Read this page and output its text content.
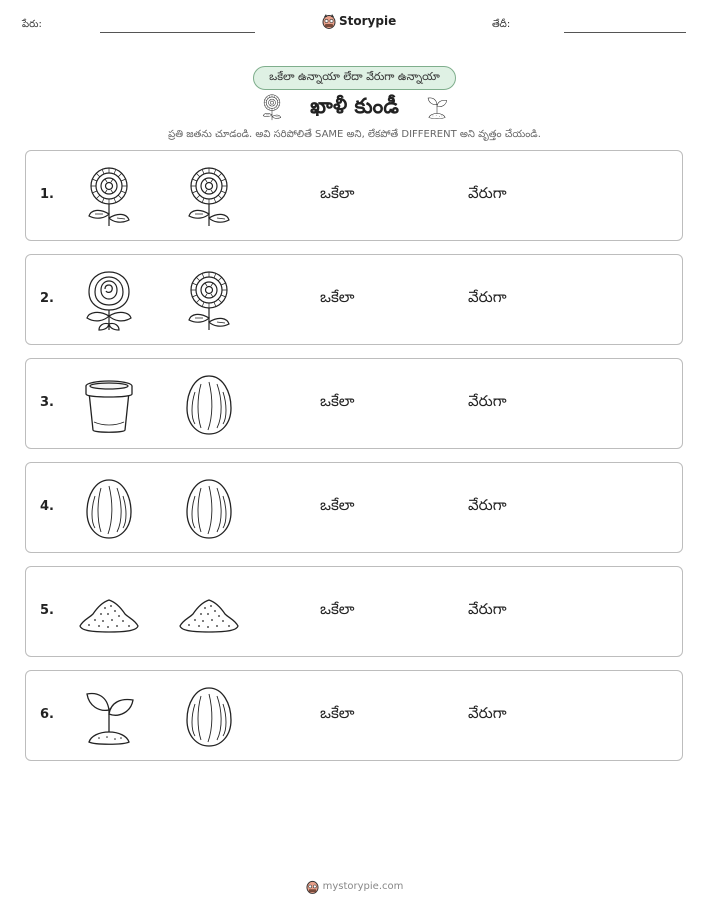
పేరు:	Storypie	తేదీ:
ఒకేలా ఉన్నాయా లేదా వేరుగా ఉన్నాయా
ఖాళీ కుండీ
ప్రతి జతను చూడండి. అవి సరిపోలితే SAME అని, లేకపోతే DIFFERENT అని వృత్తం చేయండి.
1.	ఒకేలా	వేరుగా
2.	ఒకేలా	వేరుగా
3.	ఒకేలా	వేరుగా
4.	ఒకేలా	వేరుగా
5.	ఒకేలా	వేరుగా
6.	ఒకేలా	వేరుగా
mystorypie.com
